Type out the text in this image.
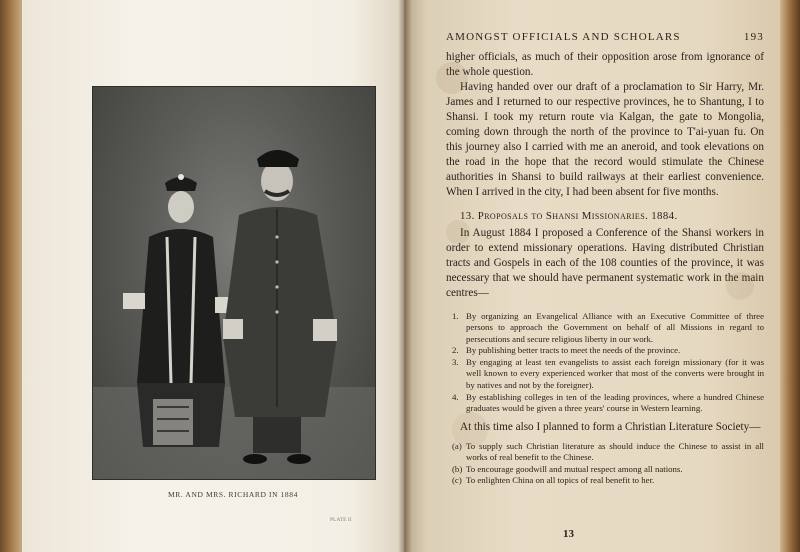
MR. AND MRS. RICHARD IN 1884
PLATE II
AMONGST OFFICIALS AND SCHOLARS	193

higher officials, as much of their opposition arose from ignorance of the whole question.

Having handed over our draft of a proclamation to Sir Harry, Mr. James and I returned to our respective provinces, he to Shantung, I to Shansi. I took my return route via Kalgan, the gate to Mongolia, coming down through the north of the province to T'ai-yuan fu. On this journey also I carried with me an aneroid, and took elevations on the road in the hope that the record would stimulate the Chinese authorities in Shansi to build railways at their earliest convenience. When I arrived in the city, I had been absent for five months.

13. Proposals to Shansi Missionaries. 1884.

In August 1884 I proposed a Conference of the Shansi workers in order to extend missionary operations. Having distributed Christian tracts and Gospels in each of the 108 counties of the province, it was necessary that we should have permanent systematic work in the main centres—

1. By organizing an Evangelical Alliance with an Executive Committee of three persons to approach the Government on behalf of all Missions in regard to persecutions and secure religious liberty in our work.
2. By publishing better tracts to meet the needs of the province.
3. By engaging at least ten evangelists to assist each foreign missionary (for it was well known to every experienced worker that most of the converts were brought in by natives and not by the foreigner).
4. By establishing colleges in ten of the leading provinces, where a hundred Chinese graduates would be given a three years' course in Western learning.

At this time also I planned to form a Christian Literature Society—

(a) To supply such Christian literature as should induce the Chinese to assist in all works of real benefit to the Chinese.
(b) To encourage goodwill and mutual respect among all nations.
(c) To enlighten China on all topics of real benefit to her.
13
